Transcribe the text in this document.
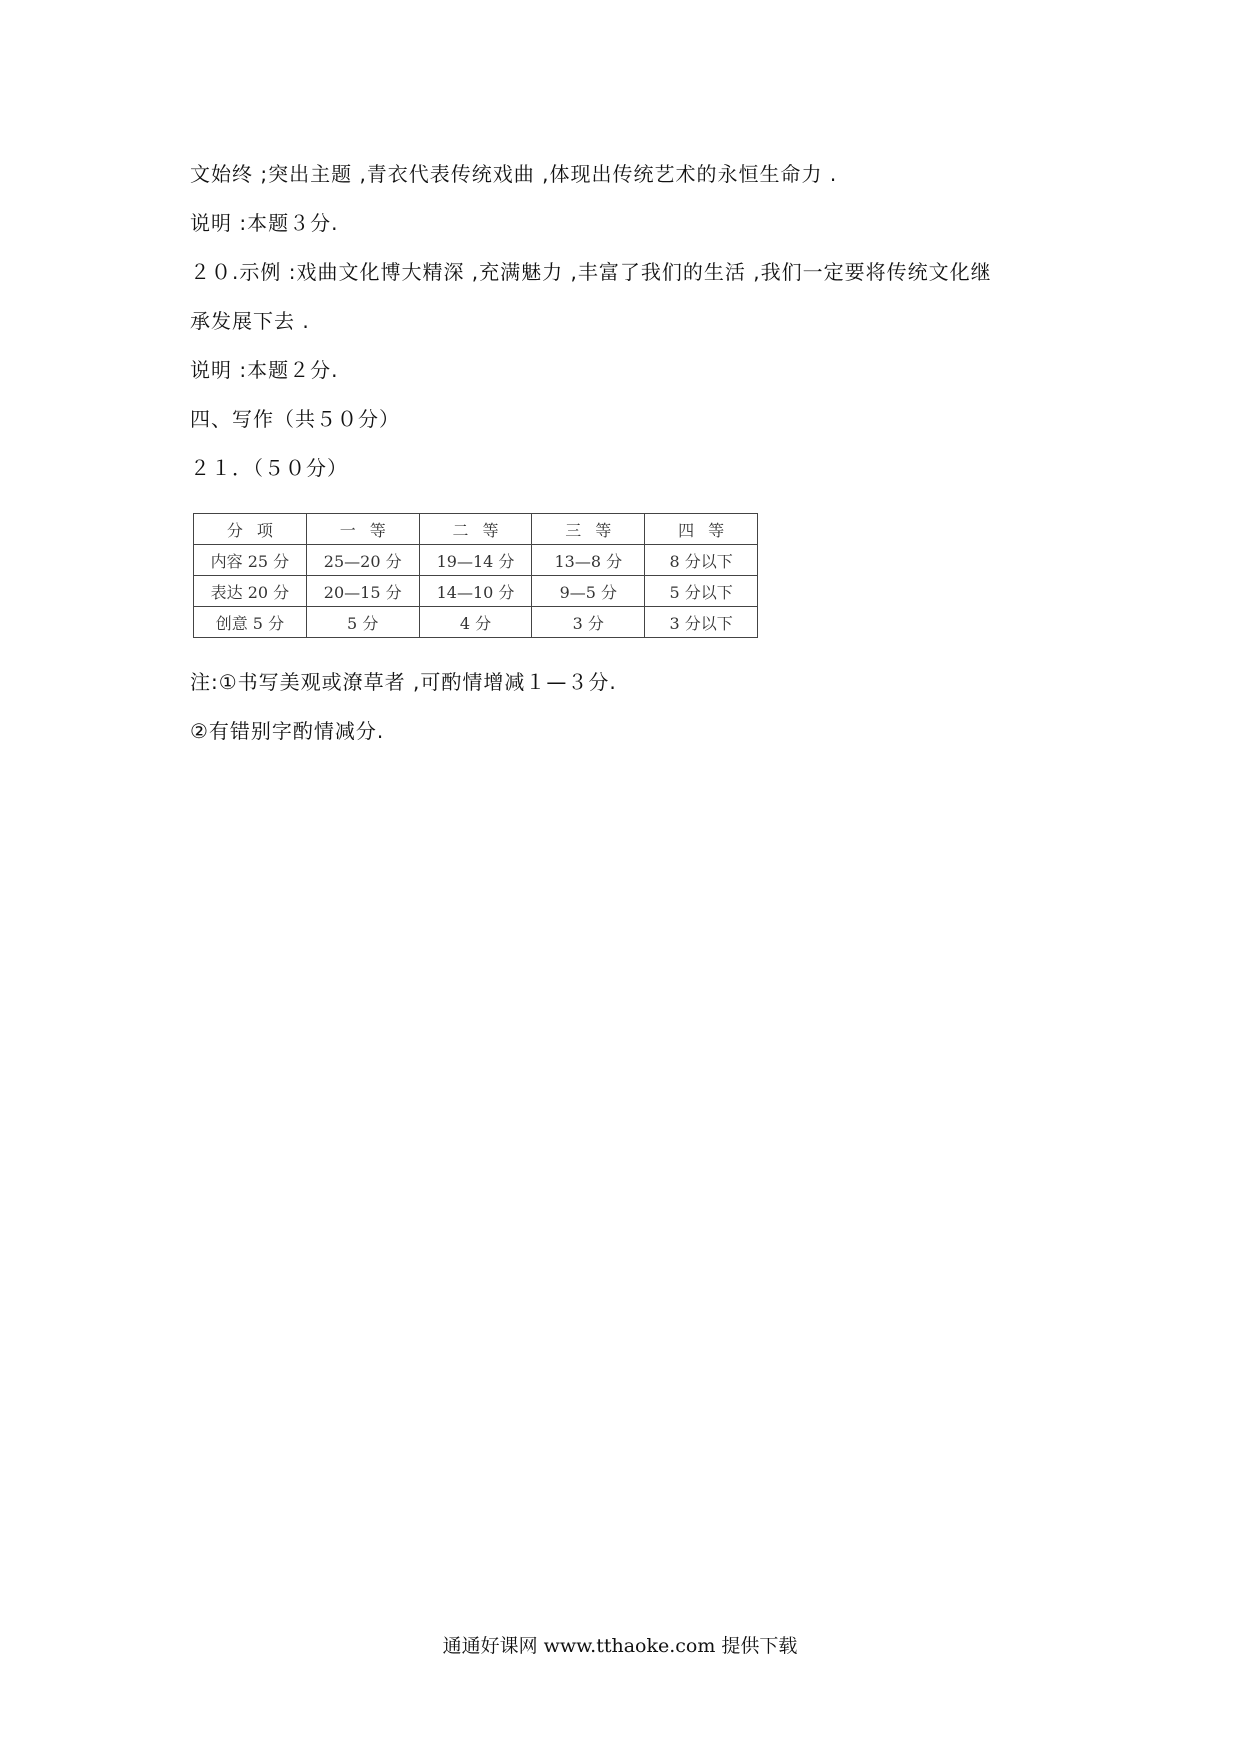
文始终 ;突出主题 ,青衣代表传统戏曲 ,体现出传统艺术的永恒生命力 .
说明 :本题３分.
２０.示例 :戏曲文化博大精深 ,充满魅力 ,丰富了我们的生活 ,我们一定要将传统文化继
承发展下去 .
说明 :本题２分.
四、写作（共５０分）
２１．（５０分）
分项	一等	二等	三等	四等
内容 25 分	25—20 分	19—14 分	13—8 分	8 分以下
表达 20 分	20—15 分	14—10 分	9—5 分	5 分以下
创意 5 分	5 分	4 分	3 分	3 分以下
注:①书写美观或潦草者 ,可酌情增减１—３分.
②有错别字酌情减分.
通通好课网 www.tthaoke.com 提供下载
